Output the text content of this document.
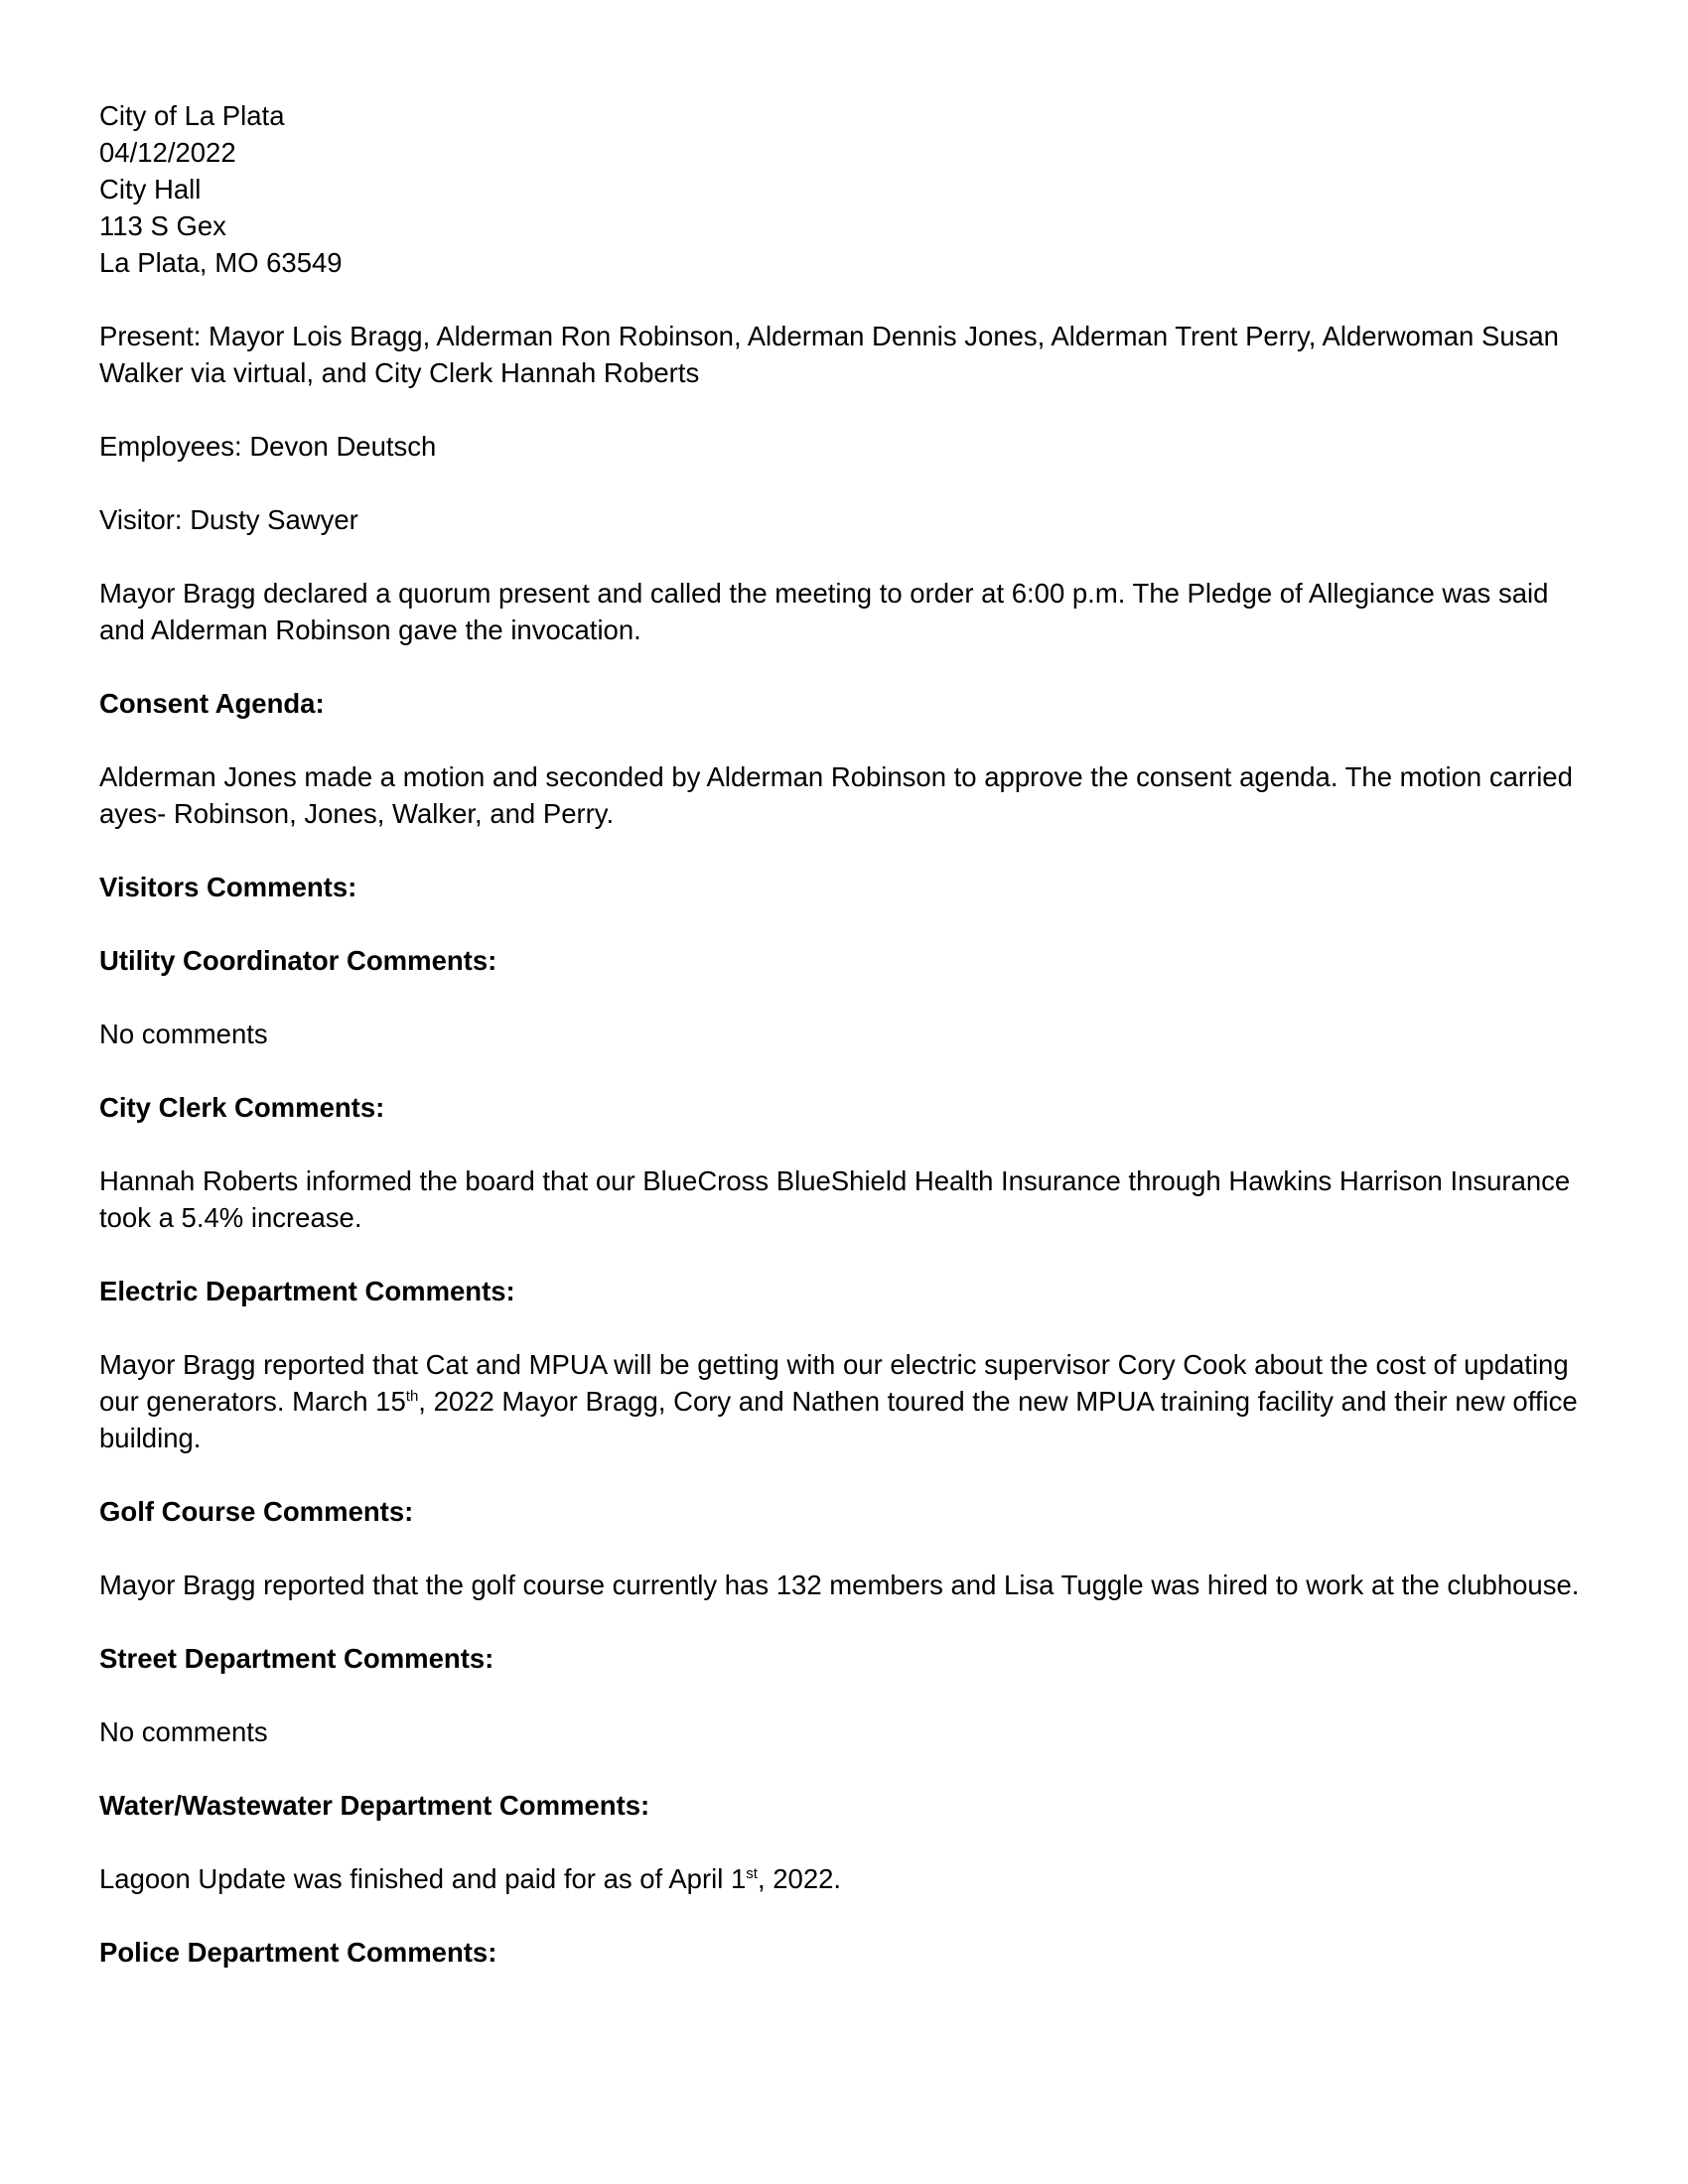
City of La Plata

04/12/2022

City Hall

113 S Gex

La Plata, MO 63549

Present: Mayor Lois Bragg, Alderman Ron Robinson, Alderman Dennis Jones, Alderman Trent Perry, Alderwoman Susan Walker via virtual, and City Clerk Hannah Roberts

Employees: Devon Deutsch

Visitor: Dusty Sawyer

Mayor Bragg declared a quorum present and called the meeting to order at 6:00 p.m. The Pledge of Allegiance was said and Alderman Robinson gave the invocation.

Consent Agenda:

Alderman Jones made a motion and seconded by Alderman Robinson to approve the consent agenda. The motion carried ayes- Robinson, Jones, Walker, and Perry.

Visitors Comments:

Utility Coordinator Comments:

No comments

City Clerk Comments:

Hannah Roberts informed the board that our BlueCross BlueShield Health Insurance through Hawkins Harrison Insurance took a 5.4% increase.

Electric Department Comments:

Mayor Bragg reported that Cat and MPUA will be getting with our electric supervisor Cory Cook about the cost of updating our generators. March 15th, 2022 Mayor Bragg, Cory and Nathen toured the new MPUA training facility and their new office building.

Golf Course Comments:

Mayor Bragg reported that the golf course currently has 132 members and Lisa Tuggle was hired to work at the clubhouse.

Street Department Comments:

No comments

Water/Wastewater Department Comments:

Lagoon Update was finished and paid for as of April 1st, 2022.

Police Department Comments:
